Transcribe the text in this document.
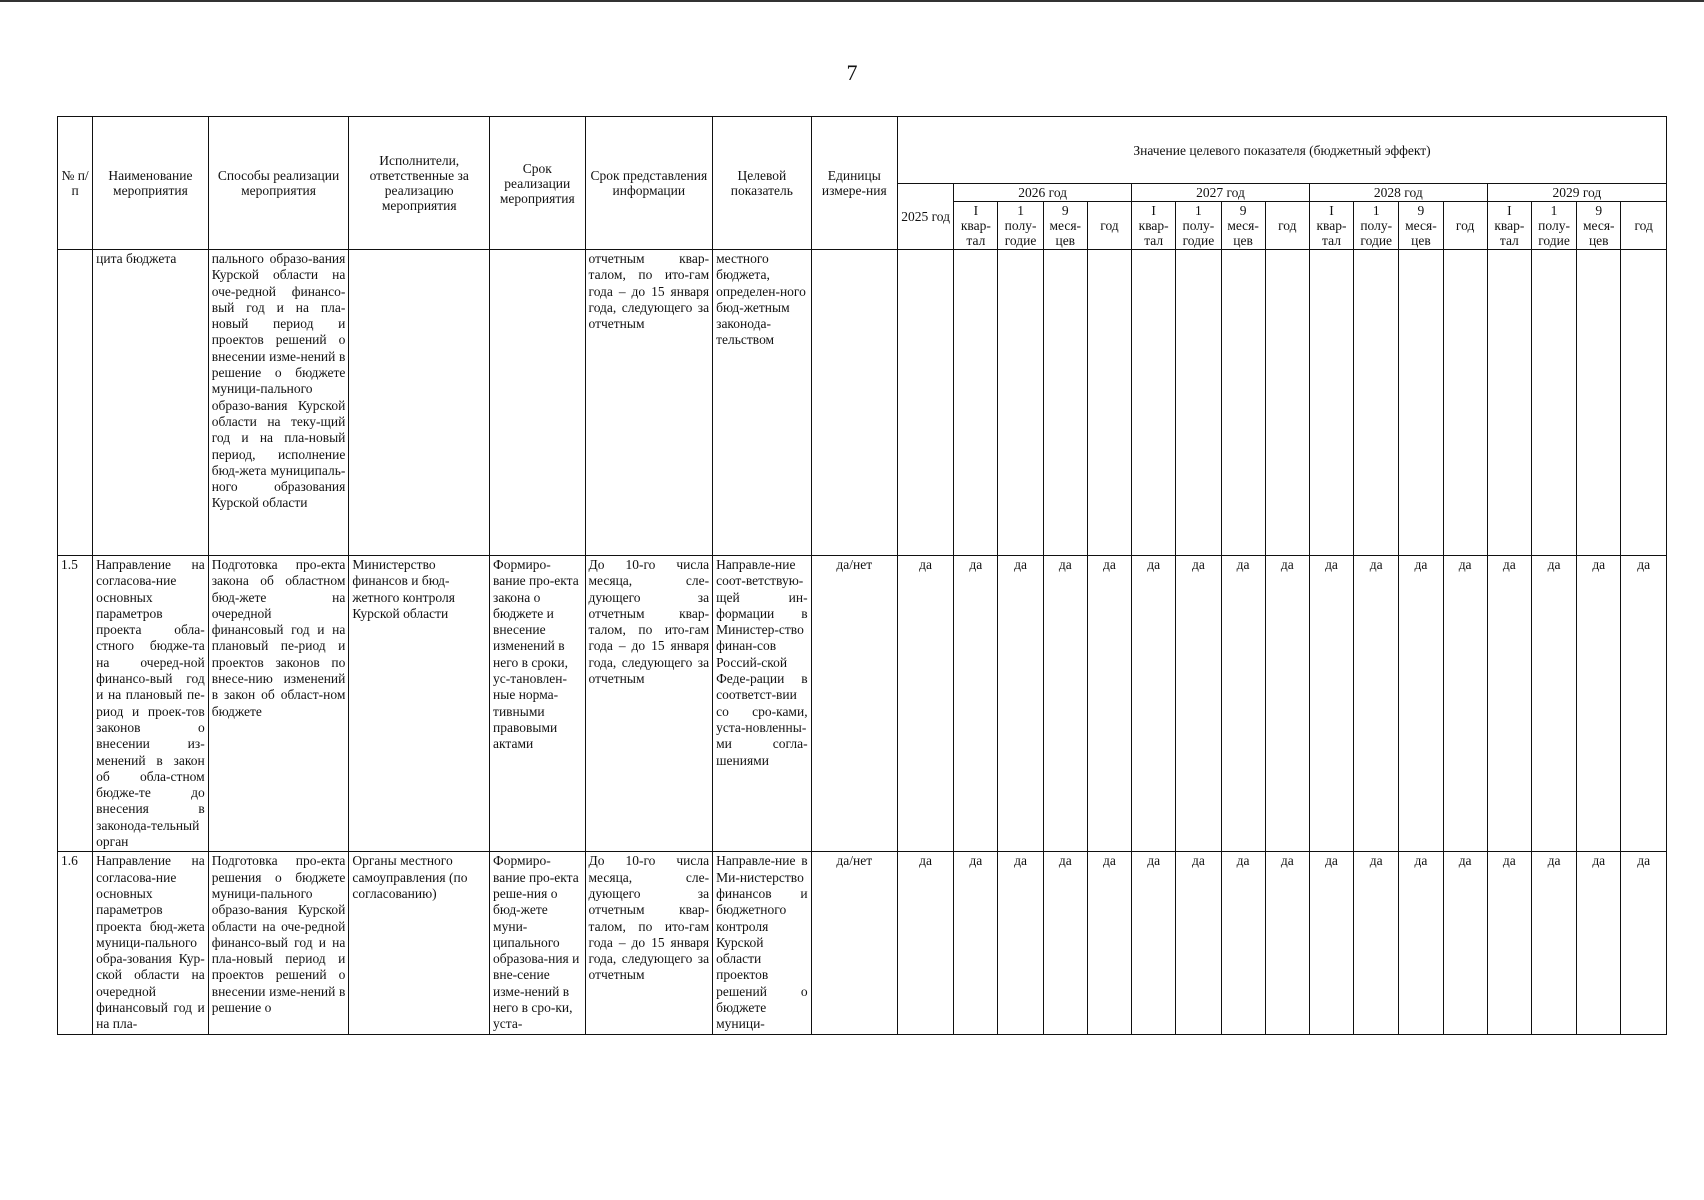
7
№ п/п	Наименование мероприятия	Способы реализации мероприятия	Исполнители, ответственные за реализацию мероприятия	Срок реализации мероприятия	Срок представления информации	Целевой показатель	Единицы измере-ния	Значение целевого показателя (бюджетный эффект)																
								2025 год	2026 год				2027 год				2028 год				2029 год			
									I квар-тал	1 полу-годие	9 меся-цев	год	I квар-тал	1 полу-годие	9 меся-цев	год	I квар-тал	1 полу-годие	9 меся-цев	год	I квар-тал	1 полу-годие	9 меся-цев	год
	цита бюджета	пального образо-вания Курской области на оче-редной финансо-вый год и на пла-новый период и проектов решений о внесении изме-нений в решение о бюджете муници-пального образо-вания Курской области на теку-щий год и на пла-новый период, исполнение бюд-жета муниципаль-ного образования Курской области			отчетным квар-талом, по ито-гам года – до 15 января года, следующего за отчетным	местного бюджета, определен-ного бюд-жетным законода-тельством																		
1.5	Направление на согласова-ние основных параметров проекта обла-стного бюдже-та на очеред-ной финансо-вый год и на плановый пе-риод и проек-тов законов о внесении из-менений в закон об обла-стном бюдже-те до внесения в законода-тельный орган	Подготовка про-екта закона об областном бюд-жете на очередной финансовый год и на плановый пе-риод и проектов законов по внесе-нию изменений в закон об област-ном бюджете	Министерство финансов и бюд-жетного контроля Курской области	Формиро-вание про-екта закона о бюджете и внесение изменений в него в сроки, ус-тановлен-ные норма-тивными правовыми актами	До 10-го числа месяца, сле-дующего за отчетным квар-талом, по ито-гам года – до 15 января года, следующего за отчетным	Направле-ние соот-ветствую-щей ин-формации в Министер-ство финан-сов Россий-ской Феде-рации в соответст-вии со сро-ками, уста-новленны-ми согла-шениями	да/нет	да	да	да	да	да	да	да	да	да	да	да	да	да	да	да	да	да
1.6	Направление на согласова-ние основных параметров проекта бюд-жета муници-пального обра-зования Кур-ской области на очередной финансовый год и на пла-	Подготовка про-екта решения о бюджете муници-пального образо-вания Курской области на оче-редной финансо-вый год и на пла-новый период и проектов решений о внесении изме-нений в решение о	Органы местного самоуправления (по согласованию)	Формиро-вание про-екта реше-ния о бюд-жете муни-ципального образова-ния и вне-сение изме-нений в него в сро-ки, уста-	До 10-го числа месяца, сле-дующего за отчетным квар-талом, по ито-гам года – до 15 января года, следующего за отчетным	Направле-ние в Ми-нистерство финансов и бюджетного контроля Курской области проектов решений о бюджете муници-	да/нет	да	да	да	да	да	да	да	да	да	да	да	да	да	да	да	да	да
